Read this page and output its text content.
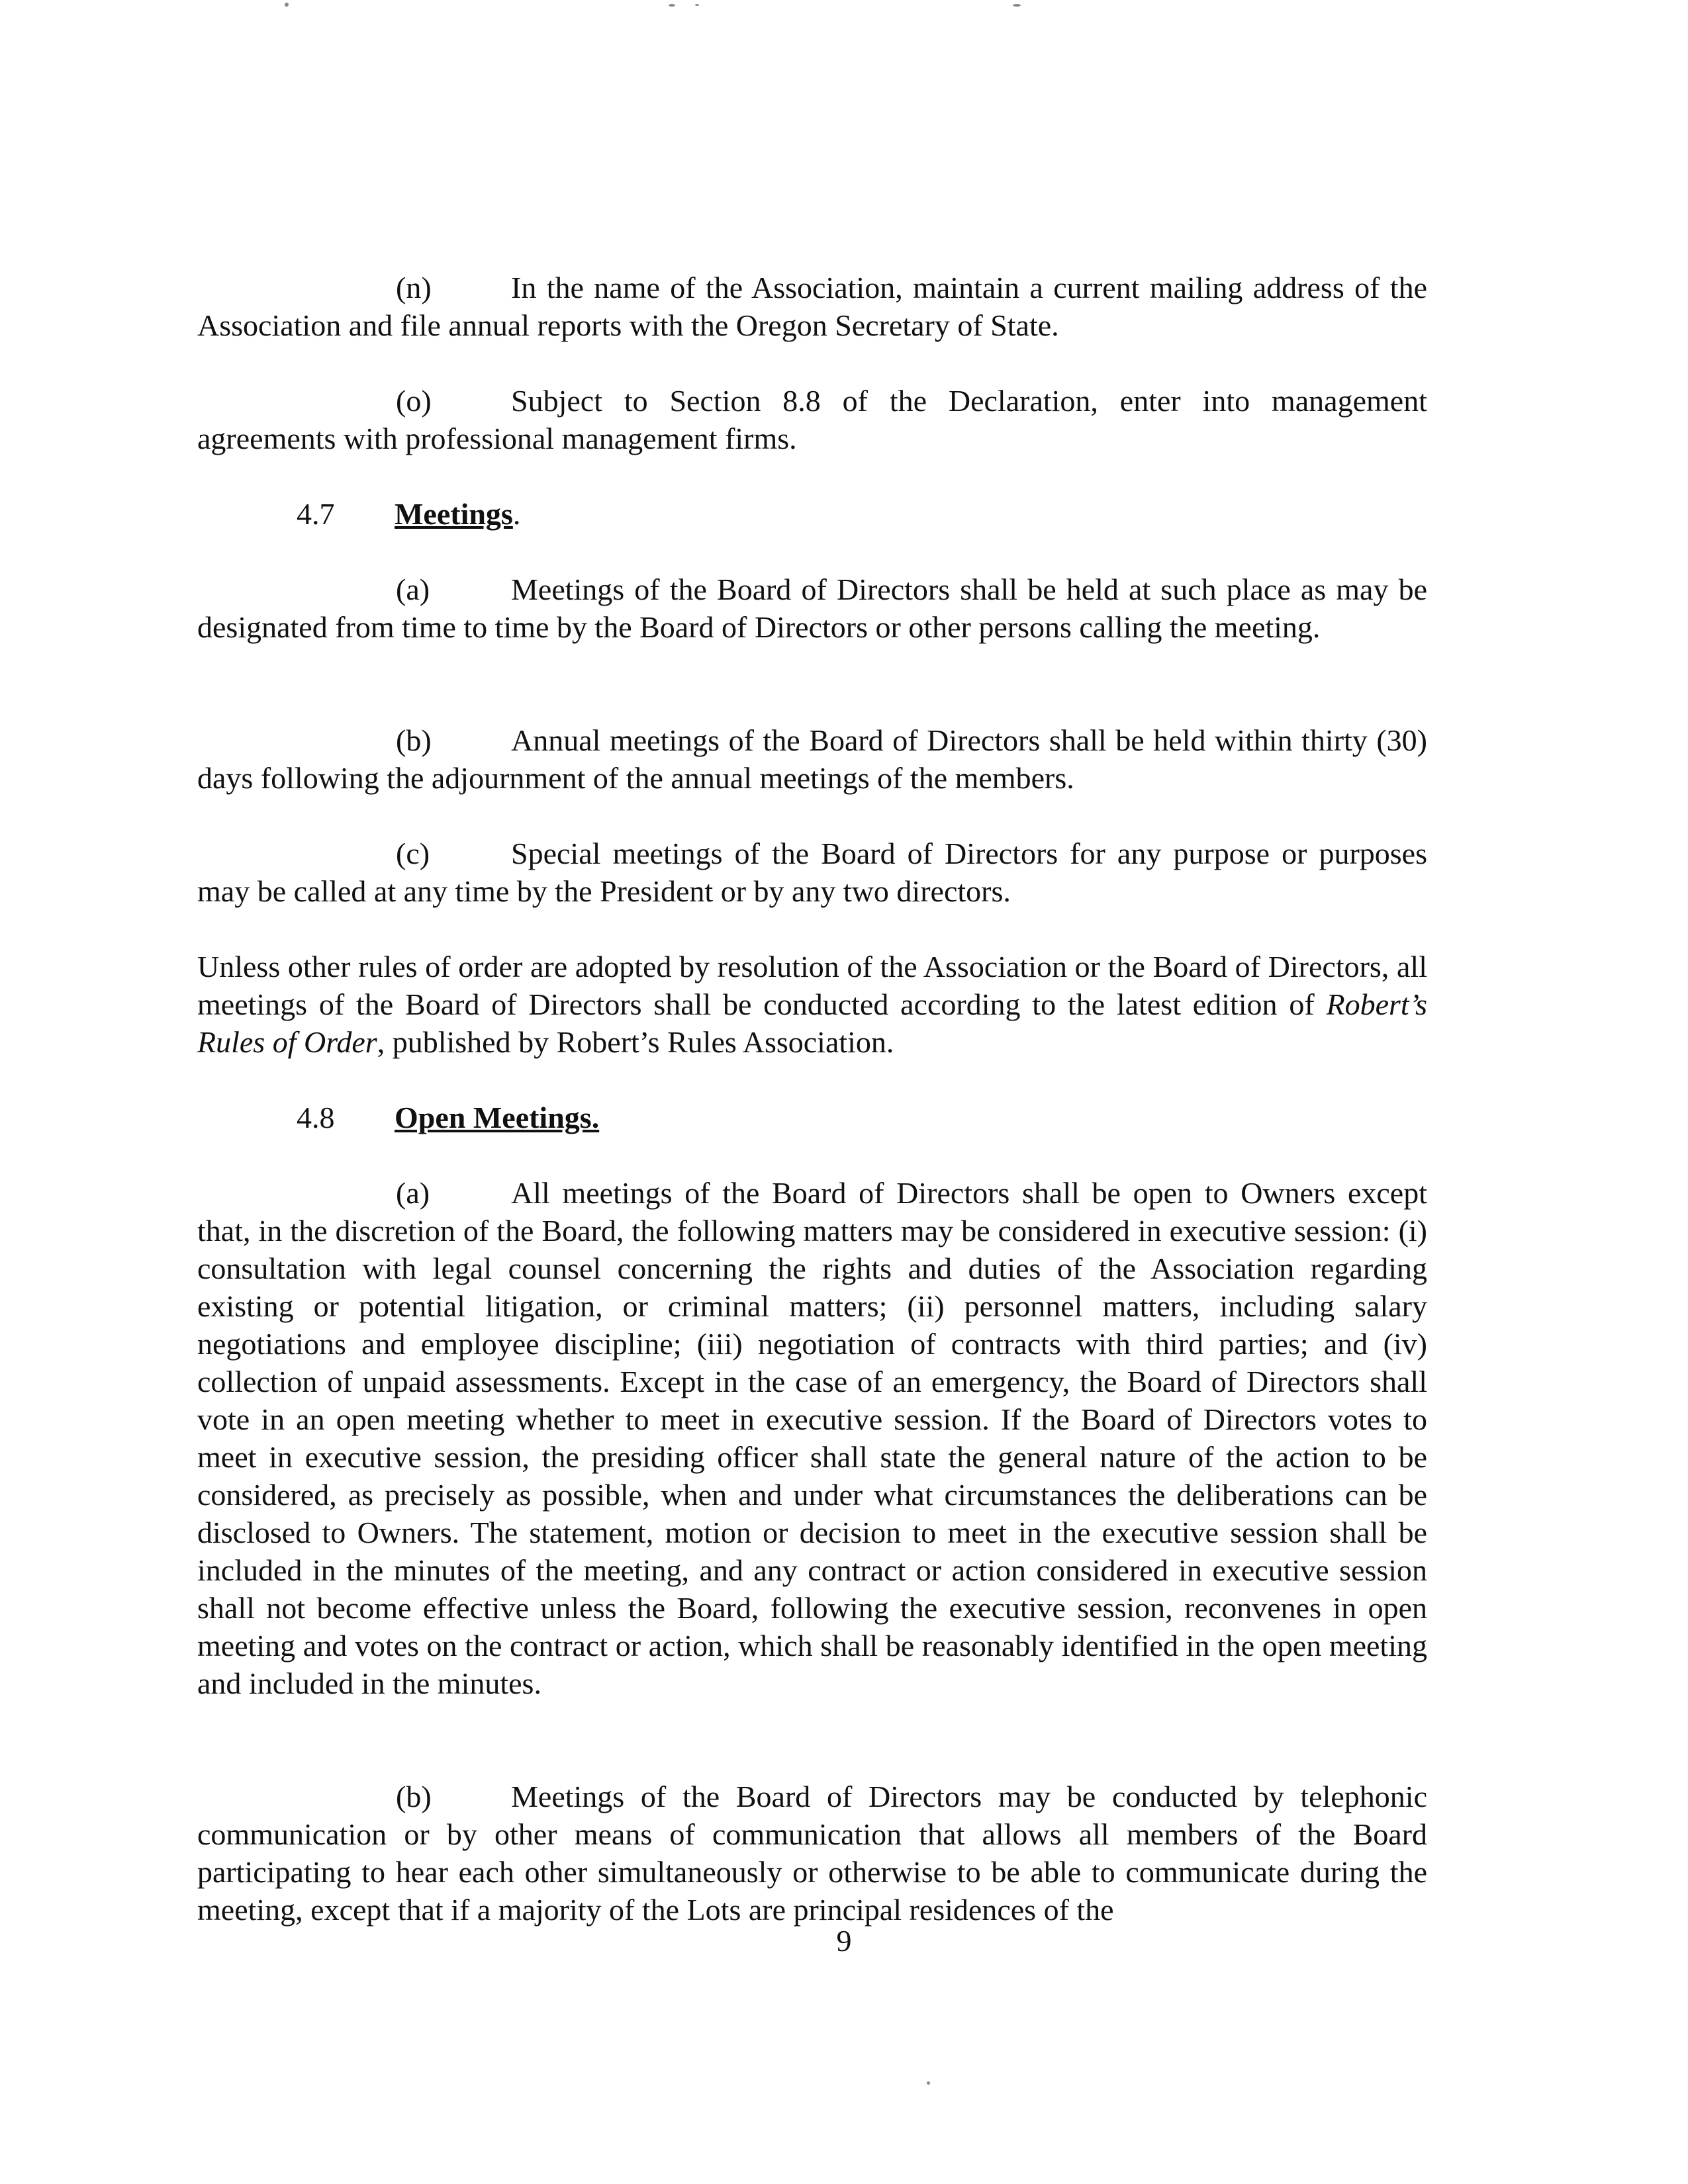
(n)	In the name of the Association, maintain a current mailing address of the Association and file annual reports with the Oregon Secretary of State.
(o)	Subject to Section 8.8 of the Declaration, enter into management agreements with professional management firms.
4.7 Meetings.
(a)	Meetings of the Board of Directors shall be held at such place as may be designated from time to time by the Board of Directors or other persons calling the meeting.
(b)	Annual meetings of the Board of Directors shall be held within thirty (30) days following the adjournment of the annual meetings of the members.
(c)	Special meetings of the Board of Directors for any purpose or purposes may be called at any time by the President or by any two directors.
Unless other rules of order are adopted by resolution of the Association or the Board of Directors, all meetings of the Board of Directors shall be conducted according to the latest edition of Robert’s Rules of Order, published by Robert’s Rules Association.
4.8 Open Meetings.
(a)	All meetings of the Board of Directors shall be open to Owners except that, in the discretion of the Board, the following matters may be considered in executive session: (i) consultation with legal counsel concerning the rights and duties of the Association regarding existing or potential litigation, or criminal matters; (ii) personnel matters, including salary negotiations and employee discipline; (iii) negotiation of contracts with third parties; and (iv) collection of unpaid assessments. Except in the case of an emergency, the Board of Directors shall vote in an open meeting whether to meet in executive session. If the Board of Directors votes to meet in executive session, the presiding officer shall state the general nature of the action to be considered, as precisely as possible, when and under what circumstances the deliberations can be disclosed to Owners. The statement, motion or decision to meet in the executive session shall be included in the minutes of the meeting, and any contract or action considered in executive session shall not become effective unless the Board, following the executive session, reconvenes in open meeting and votes on the contract or action, which shall be reasonably identified in the open meeting and included in the minutes.
(b)	Meetings of the Board of Directors may be conducted by telephonic communication or by other means of communication that allows all members of the Board participating to hear each other simultaneously or otherwise to be able to communicate during the meeting, except that if a majority of the Lots are principal residences of the
9
